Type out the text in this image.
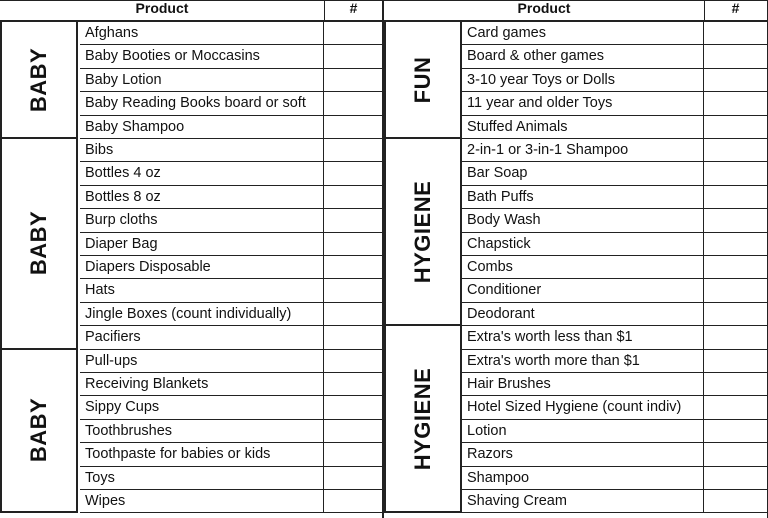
Product	#
BABY
Afghans
Baby Booties or Moccasins
Baby Lotion
Baby Reading Books board or soft
Baby Shampoo
BABY
Bibs
Bottles 4 oz
Bottles 8 oz
Burp cloths
Diaper Bag
Diapers Disposable
Hats
Jingle Boxes (count individually)
Pacifiers
BABY
Pull-ups
Receiving Blankets
Sippy Cups
Toothbrushes
Toothpaste for babies or kids
Toys
Wipes
Product	#
FUN
Card games
Board & other games
3-10 year Toys or Dolls
11 year and older Toys
Stuffed Animals
HYGIENE
2-in-1 or 3-in-1 Shampoo
Bar Soap
Bath Puffs
Body Wash
Chapstick
Combs
Conditioner
Deodorant
HYGIENE
Extra's worth less than $1
Extra's worth more than $1
Hair Brushes
Hotel Sized Hygiene (count indiv)
Lotion
Razors
Shampoo
Shaving Cream
